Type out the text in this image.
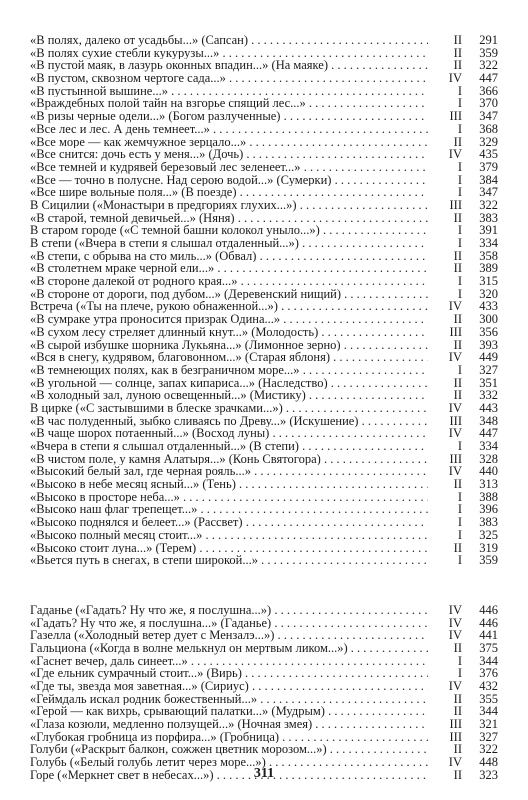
«В полях, далеко от усадьбы...» (Сапсан) . . .	II	291
«В полях сухие стебли кукурузы...» . . .	II	359
«В пустой маяк, в лазурь оконных впадин...» (На маяке) . . .	II	322
«В пустом, сквозном чертоге сада...» . . .	IV	447
«В пустынной вышине...» . . .	I	366
«Враждебных полой тайн на взгорье спящий лес...» . . .	I	370
«В ризы черные одели...» (Богом разлученные) . . .	III	347
«Все лес и лес. А день темнеет...» . . .	I	368
«Все море — как жемчужное зерцало...» . . .	II	329
«Все снится: дочь есть у меня...» (Дочь) . . .	IV	435
«Все темней и кудрявей березовый лес зеленеет...» . . .	I	379
«Все — точно в полусне. Над серою водой...» (Сумерки) . . .	I	384
«Все шире вольные поля...» (В поезде) . . .	I	347
В Сицилии («Монастыри в предгориях глухих...») . . .	III	322
«В старой, темной девичьей...» (Няня) . . .	II	383
В старом городе («С темной башни колокол уныло...») . . .	I	391
В степи («Вчера в степи я слышал отдаленный...») . . .	I	334
«В степи, с обрыва на сто миль...» (Обвал) . . .	II	358
«В столетнем мраке черной ели...» . . .	II	389
«В стороне далекой от родного края...» . . .	I	315
«В стороне от дороги, под дубом...» (Деревенский нищий) . . .	I	320
Встреча («Ты на плече, рукою обнаженной...») . . .	IV	433
«В сумраке утра проносится призрак Одина...» . . .	II	300
«В сухом лесу стреляет длинный кнут...» (Молодость) . . .	III	356
«В сырой избушке шорника Лукьяна...» (Лимонное зерно) . . .	II	393
«Вся в снегу, кудрявом, благовонном...» (Старая яблоня) . . .	IV	449
«В темнеющих полях, как в безграничном море...» . . .	I	327
«В угольной — солнце, запах кипариса...» (Наследство) . . .	II	351
«В холодный зал, луною освещенный...» (Мистику) . . .	II	332
В цирке («С застывшими в блеске зрачками...») . . .	IV	443
«В час полуденный, зыбко сливаясь по Древу...» (Искушение) . . .	III	348
«В чаще шорох потаенный...» (Восход луны) . . .	IV	447
«Вчера в степи я слышал отдаленный...» (В степи) . . .	I	334
«В чистом поле, у камня Алатыря...» (Конь Святогора) . . .	III	328
«Высокий белый зал, где черная рояль...» . . .	IV	440
«Высоко в небе месяц ясный...» (Тень) . . .	II	313
«Высоко в просторе неба...» . . .	I	388
«Высоко наш флаг трепещет...» . . .	I	396
«Высоко поднялся и белеет...» (Рассвет) . . .	I	383
«Высоко полный месяц стоит...» . . .	I	325
«Высоко стоит луна...» (Терем) . . .	II	319
«Вьется путь в снегах, в степи широкой...» . . .	I	359
Гаданье («Гадать? Ну что же, я послушна...») . . .	IV	446
«Гадать? Ну что же, я послушна...» (Гаданье) . . .	IV	446
Газелла («Холодный ветер дует с Мензалэ...») . . .	IV	441
Гальциона («Когда в волне мелькнул он мертвым ликом...») . . .	II	375
«Гаснет вечер, даль синеет...» . . .	I	344
«Где ельник сумрачный стоит...» (Вирь) . . .	I	376
«Где ты, звезда моя заветная...» (Сириус) . . .	IV	432
«Геймдаль искал родник божественный...» . . .	II	355
«Герой — как вихрь, срывающий палатки...» (Мудрым) . . .	II	344
«Глаза козюли, медленно ползущей...» (Ночная змея) . . .	III	321
«Глубокая гробница из порфира...» (Гробница) . . .	III	327
Голуби («Раскрыт балкон, сожжен цветник морозом...») . . .	II	322
Голубь («Белый голубь летит через море...») . . .	IV	448
Горе («Меркнет свет в небесах...») . . .	II	323
311
